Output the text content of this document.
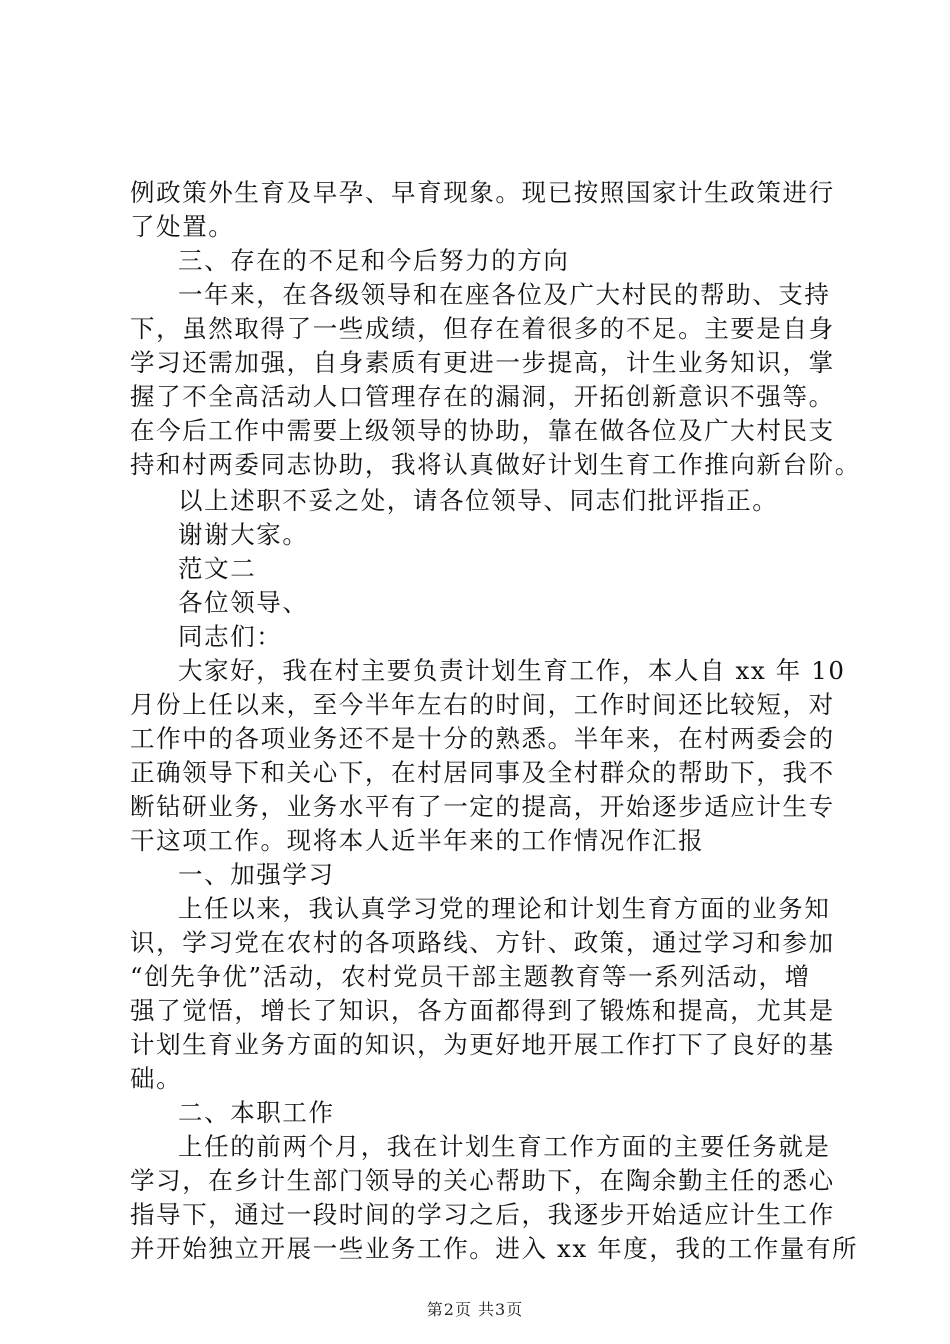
例政策外生育及早孕、早育现象。现已按照国家计生政策进行
了处置。
三、存在的不足和今后努力的方向
一年来，在各级领导和在座各位及广大村民的帮助、支持
下，虽然取得了一些成绩，但存在着很多的不足。主要是自身
学习还需加强，自身素质有更进一步提高，计生业务知识，掌
握了不全高活动人口管理存在的漏洞，开拓创新意识不强等。
在今后工作中需要上级领导的协助，靠在做各位及广大村民支
持和村两委同志协助，我将认真做好计划生育工作推向新台阶。
以上述职不妥之处，请各位领导、同志们批评指正。
谢谢大家。
范文二
各位领导、
同志们：
大家好，我在村主要负责计划生育工作，本人自 xx 年 10
月份上任以来，至今半年左右的时间，工作时间还比较短，对
工作中的各项业务还不是十分的熟悉。半年来，在村两委会的
正确领导下和关心下，在村居同事及全村群众的帮助下，我不
断钻研业务，业务水平有了一定的提高，开始逐步适应计生专
干这项工作。现将本人近半年来的工作情况作汇报
一、加强学习
上任以来，我认真学习党的理论和计划生育方面的业务知
识，学习党在农村的各项路线、方针、政策，通过学习和参加
“创先争优”活动，农村党员干部主题教育等一系列活动，增
强了觉悟，增长了知识，各方面都得到了锻炼和提高，尤其是
计划生育业务方面的知识，为更好地开展工作打下了良好的基
础。
二、本职工作
上任的前两个月，我在计划生育工作方面的主要任务就是
学习，在乡计生部门领导的关心帮助下，在陶余勤主任的悉心
指导下，通过一段时间的学习之后，我逐步开始适应计生工作
并开始独立开展一些业务工作。进入 xx 年度，我的工作量有所
第2页 共3页
